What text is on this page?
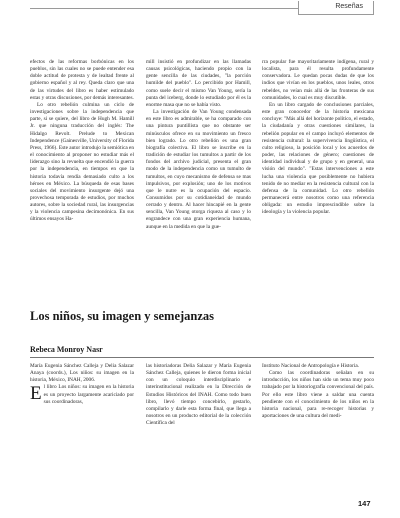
Reseñas

efectos de las reformas borbónicas en los pueblos, sin las cuales no se puede entender esa doble actitud de protesta y de lealtad frente al gobierno español y al rey. Queda claro que una de las virtudes del libro es haber estimulado estas y otras discusiones, por demás interesantes.

Lo otro rebelión culmina un ciclo de investigaciones sobre la independencia que parte, si se quiere, del libro de Hugh M. Hamill Jr. que ninguna traducción del inglés: The Hidalgo Revolt. Prelude to Mexican Independence (Gainesville, University of Florida Press, 1966). Este autor introdujo la semiótica en el conocimiento al proponer no estudiar más el liderazgo sino la revuelta que encendió la guerra por la independencia, en tiempos en que la historia todavía rendía demasiado culto a los héroes en México. La búsqueda de esas bases sociales del movimiento insurgente dejó una provechosa temporada de estudios, por muchos autores, sobre la sociedad rural, las insurgencias y la violencia campesina decimonónica. En sus últimos ensayos Ha-

mill insistió en profundizar en las llamadas causas psicológicas, haciendo propio con la gente sencilla de las ciudades, "la porción humilde del pueblo". Lo percibido por Hamill, como suele decir el mismo Van Young, sería la punta del iceberg, donde lo estudiado por él es la enorme masa que no se había visto.

La investigación de Van Young condensada en este libro es admirable, se ha comparado con una pintura puntillista que no obstante ser minúsculos ofrece en su movimiento un fresco bien logrado. Lo otro rebelión es una gran biografía colectiva. El libro se inscribe en la tradición de estudiar los tumultos a partir de los fondos del archivo judicial, presenta el gran modo de la independencia como un tumulto de tumultos, en cuyo mecanismo de defensa se mas impulsivos, por explosión; uno de los motivos que le nutre es la ocupación del espacio. Consumidos por su cotidianeidad de mundo cerrado y dentro. Al hacer hincapié en la gente sencilla, Van Young otorga riqueza al caso y lo engrandece con una gran experiencia humana, aunque en la medida en que la gue-

rra popular fue mayoritariamente indígena, rural y localista, para él resulta profundamente conservadora. Le quedan pocas dudas de que los indios que vivían en los pueblos, unos leales, otros rebeldes, no veían más allá de las fronteras de sus comunidades, lo cual es muy discutible.

En un libro cargado de conclusiones parciales, este gran conocedor de la historia mexicana concluye: "Más allá del horizonte político, el estado, la ciudadanía y otras cuestiones similares, la rebelión popular en el campo incluyó elementos de resistencia cultural: la supervivencia lingüística, el culto religioso, la posición local y los acuerdos de poder, las relaciones de género; cuestiones de identidad individual y de grupo y en general, una visión del mundo". "Estas intervenciones a este lucha una violencia que posiblemente no hubiera tenido de no mediar en la resistencia cultural con la defensa de la comunidad. Lo otro rebelión permanecerá entre nosotros como una referencia obligada: un estudio imprescindible sobre la ideología y la violencia popular.

Los niños, su imagen y semejanzas
Rebeca Monroy Nasr

María Eugenia Sánchez Calleja y Delia Salazar Anaya (coords.), Los niños: su imagen en la historia, México, INAH, 2006.

El libro Los niños: su imagen en la historia es un proyecto largamente acariciado por sus coordinadoras,

las historiadoras Delia Salazar y María Eugenia Sánchez Calleja, quienes le dieron forma inicial con un coloquio interdisciplinario e interinstitucional realizado en la Dirección de Estudios Históricos del INAH. Como todo buen libro, llevó tiempo concebirlo, gestarlo, compilarlo y darle esta forma final, que llega a nosotros en un producto editorial de la colección Científica del

Instituto Nacional de Antropología e Historia.

Como las coordinadoras señalan en su introducción, los niños han sido un tema muy poco trabajado por la historiografía convencional del país. Por ello este libro viene a saldar una cuenta pendiente con el conocimiento de los niños en la historia nacional, para re-recoger historias y aportaciones de una cultura del medi-

147
